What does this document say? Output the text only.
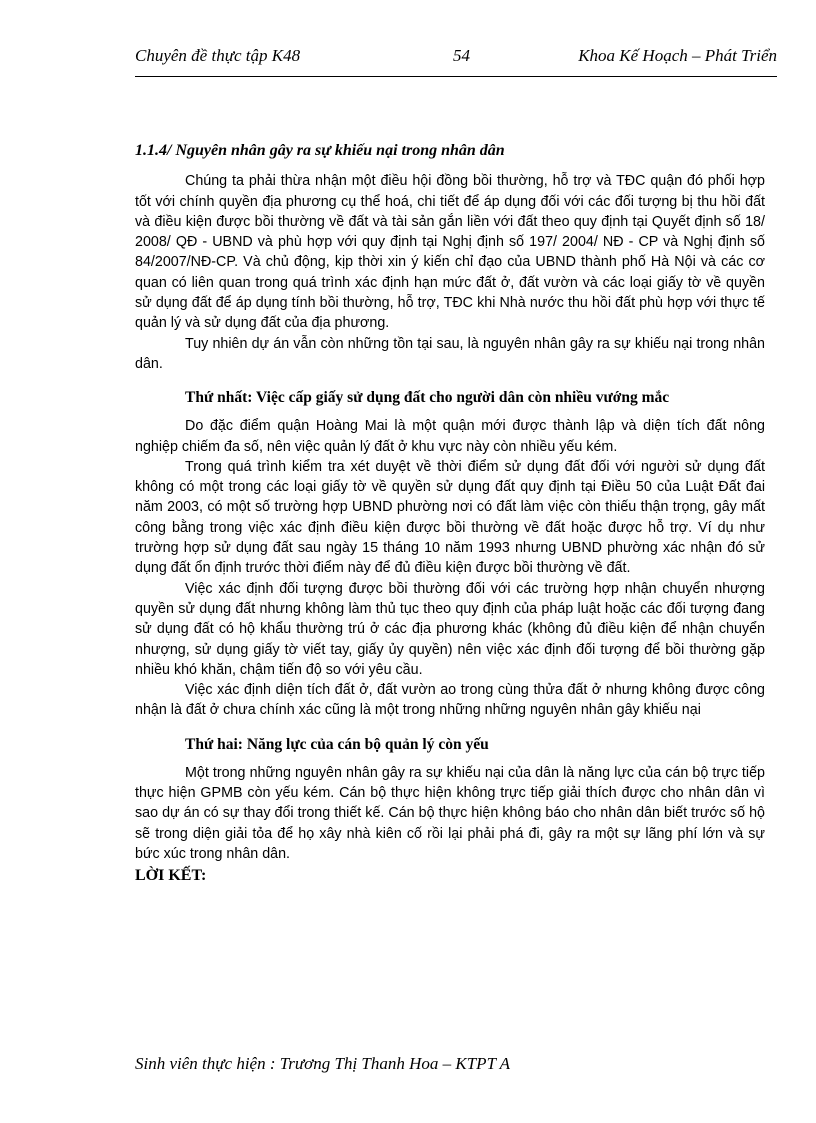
Chuyên đề thực tập K48	54	Khoa Kế Hoạch – Phát Triển

1.1.4/ Nguyên nhân gây ra sự khiếu nại trong nhân dân

Chúng ta phải thừa nhận một điều hội đồng bồi thường, hỗ trợ và TĐC quận đó phối hợp tốt với chính quyền địa phương cụ thể hoá, chi tiết để áp dụng đối với các đối tượng bị thu hồi đất và điều kiện được bồi thường về đất và tài sản gắn liền với đất theo quy định tại Quyết định số 18/ 2008/ QĐ - UBND và phù hợp với quy định tại Nghị định số 197/ 2004/ NĐ - CP và Nghị định số 84/2007/NĐ-CP. Và chủ động, kịp thời xin ý kiến chỉ đạo của UBND thành phố Hà Nội và các cơ quan có liên quan trong quá trình xác định hạn mức đất ở, đất vườn và các loại giấy tờ về quyền sử dụng đất để áp dụng tính bồi thường, hỗ trợ, TĐC khi Nhà nước thu hồi đất phù hợp với thực tế quản lý và sử dụng đất của địa phương.

Tuy nhiên dự án vẫn còn những tồn tại sau, là nguyên nhân gây ra sự khiếu nại trong nhân dân.

Thứ nhất: Việc cấp giấy sử dụng đất cho người dân còn nhiều vướng mắc

Do đặc điểm quận Hoàng Mai là một quận mới được thành lập và diện tích đất nông nghiệp chiếm đa số, nên việc quản lý đất ở khu vực này còn nhiều yếu kém.

Trong quá trình kiểm tra xét duyệt về thời điểm sử dụng đất đối với người sử dụng đất không có một trong các loại giấy tờ về quyền sử dụng đất quy định tại Điều 50 của Luật Đất đai năm 2003, có một số trường hợp UBND phường nơi có đất làm việc còn thiếu thận trọng, gây mất công bằng trong việc xác định điều kiện được bồi thường về đất hoặc được hỗ trợ. Ví dụ như trường hợp sử dụng đất sau ngày 15 tháng 10 năm 1993 nhưng UBND phường xác nhận đó sử dụng đất ổn định trước thời điểm này để đủ điều kiện được bồi thường về đất.

Việc xác định đối tượng được bồi thường đối với các trường hợp nhận chuyển nhượng quyền sử dụng đất nhưng không làm thủ tục theo quy định của pháp luật hoặc các đối tượng đang sử dụng đất có hộ khẩu thường trú ở các địa phương khác (không đủ điều kiện để nhận chuyển nhượng, sử dụng giấy tờ viết tay, giấy ủy quyền) nên việc xác định đối tượng để bồi thường gặp nhiều khó khăn, chậm tiến độ so với yêu cầu.

Việc xác định diện tích đất ở, đất vườn ao trong cùng thửa đất ở nhưng không được công nhận là đất ở chưa chính xác cũng là một trong những những nguyên nhân gây khiếu nại

Thứ hai: Năng lực của cán bộ quản lý còn yếu

Một trong những nguyên nhân gây ra sự khiếu nại của dân là năng lực của cán bộ trực tiếp thực hiện GPMB còn yếu kém. Cán bộ thực hiện không trực tiếp giải thích được cho nhân dân vì sao dự án có sự thay đổi trong thiết kế. Cán bộ thực hiện không báo cho nhân dân biết trước số hộ sẽ trong diện giải tỏa để họ xây nhà kiên cố rồi lại phải phá đi, gây ra một sự lãng phí lớn và sự bức xúc trong nhân dân.

LỜI KẾT:

Sinh viên thực hiện : Trương Thị Thanh Hoa – KTPT A
